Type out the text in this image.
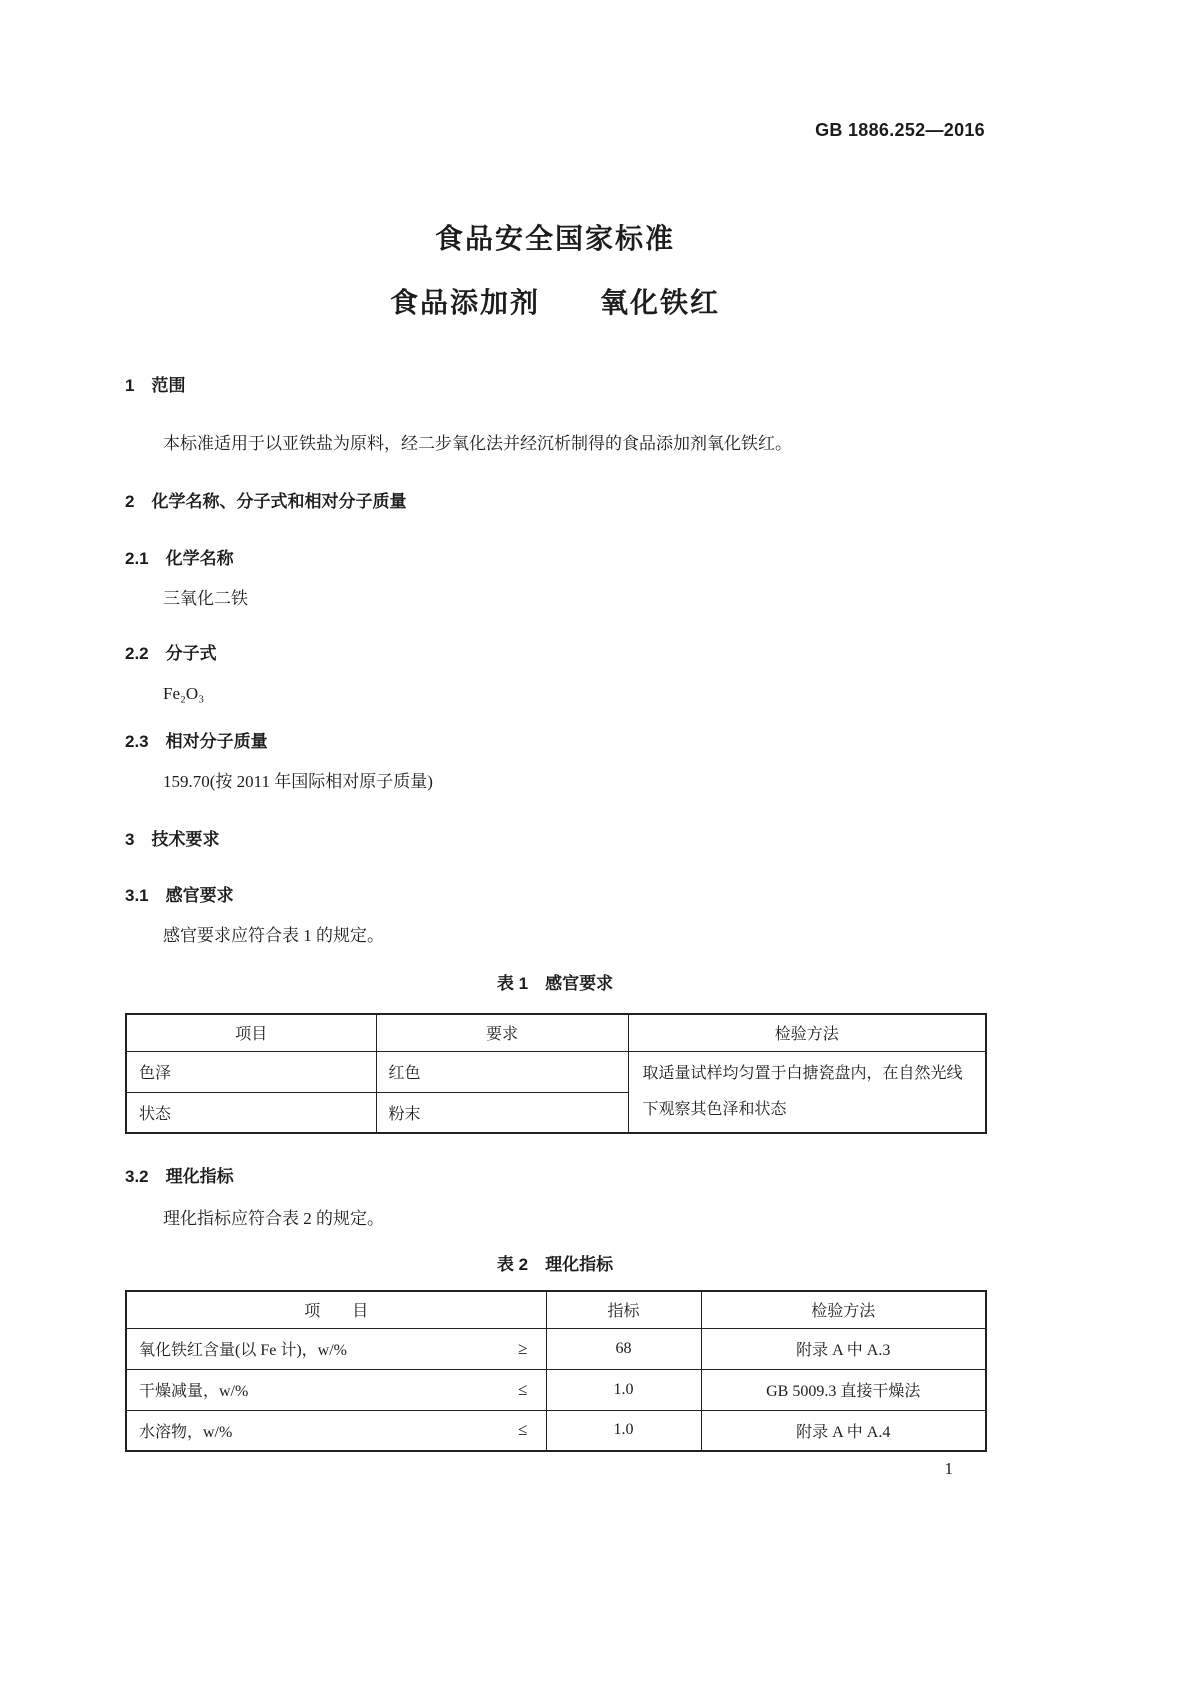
GB 1886.252—2016
食品安全国家标准
食品添加剂　　氧化铁红
1　范围
本标准适用于以亚铁盐为原料，经二步氧化法并经沉析制得的食品添加剂氧化铁红。
2　化学名称、分子式和相对分子质量
2.1　化学名称
三氧化二铁
2.2　分子式
Fe₂O₃
2.3　相对分子质量
159.70(按 2011 年国际相对原子质量)
3　技术要求
3.1　感官要求
感官要求应符合表 1 的规定。
表 1　感官要求
项目	要求	检验方法
色泽	红色	取适量试样均匀置于白搪瓷盘内，在自然光线下观察其色泽和状态
状态	粉末	
3.2　理化指标
理化指标应符合表 2 的规定。
表 2　理化指标
项　　目	指标	检验方法

氧化铁红含量(以 Fe 计)，w/% ≥	68	附录 A 中 A.3

干燥减量，w/% ≤	1.0	GB 5009.3 直接干燥法

水溶物，w/% ≤	1.0	附录 A 中 A.4
1
